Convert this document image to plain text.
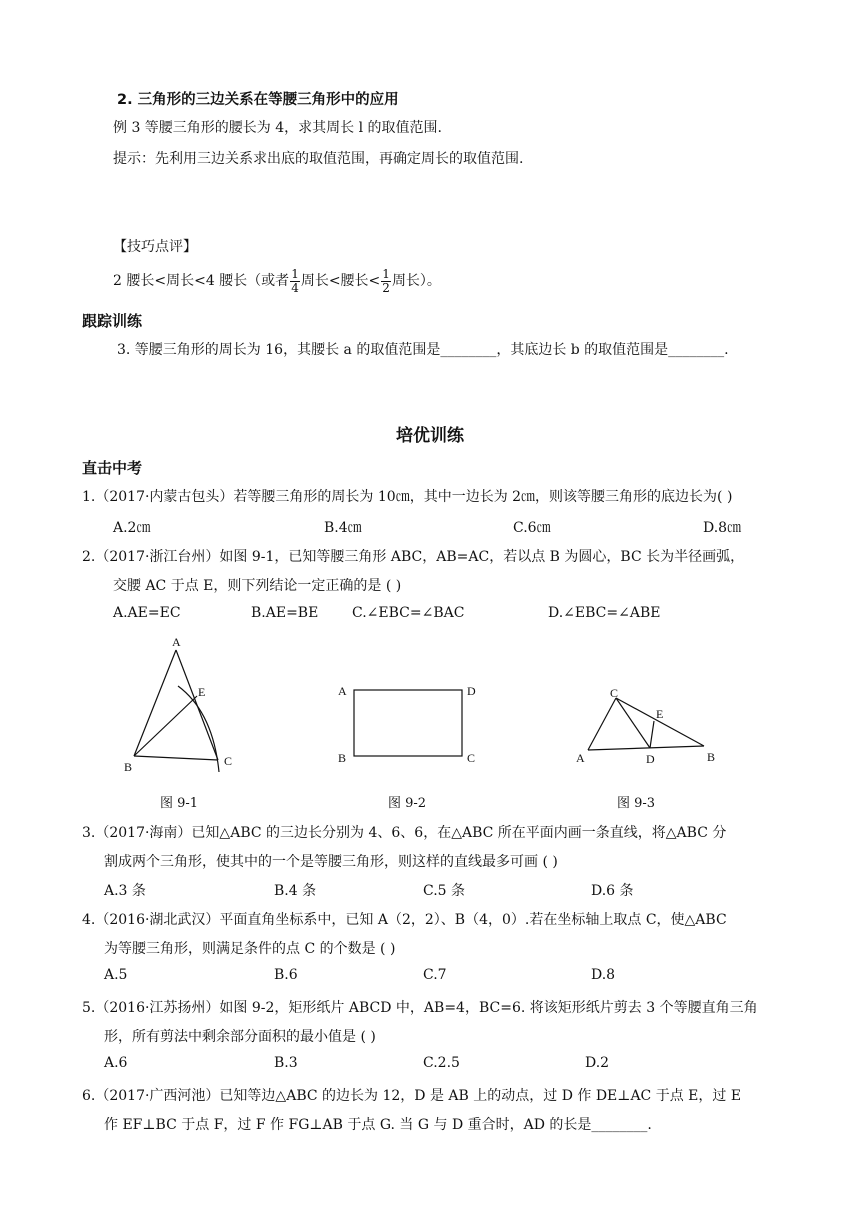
2. 三角形的三边关系在等腰三角形中的应用
例 3 等腰三角形的腰长为 4，求其周长 l 的取值范围.
提示：先利用三边关系求出底的取值范围，再确定周长的取值范围.
【技巧点评】
2 腰长<周长<4 腰长（或者 $\frac{1}{4}$ 周长<腰长< $\frac{1}{2}$ 周长）。
跟踪训练
3. 等腰三角形的周长为 16，其腰长 a 的取值范围是________，其底边长 b 的取值范围是________.
培优训练
直击中考
1.（2017·内蒙古包头）若等腰三角形的周长为 10㎝，其中一边长为 2㎝，则该等腰三角形的底边长为( )
A.2㎝	B.4㎝	C.6㎝	D.8㎝
2.（2017·浙江台州）如图 9-1，已知等腰三角形 ABC，AB=AC，若以点 B 为圆心，BC 长为半径画弧，
交腰 AC 于点 E，则下列结论一定正确的是 ( )
A.AE=EC	B.AE=BE C.∠EBC=∠BAC	D.∠EBC=∠ABE
A
E
B	C
图 9-1
A	D
B	C
图 9-2
C
E
A	D	B
图 9-3
3.（2017·海南）已知△ABC 的三边长分别为 4、6、6，在△ABC 所在平面内画一条直线，将△ABC 分
割成两个三角形，使其中的一个是等腰三角形，则这样的直线最多可画 ( )
A.3 条	B.4 条	C.5 条	D.6 条
4.（2016·湖北武汉）平面直角坐标系中，已知 A（2，2）、B（4，0）.若在坐标轴上取点 C，使△ABC
为等腰三角形，则满足条件的点 C 的个数是 ( )
A.5	B.6	C.7	D.8
5.（2016·江苏扬州）如图 9-2，矩形纸片 ABCD 中，AB=4，BC=6. 将该矩形纸片剪去 3 个等腰直角三角
形，所有剪法中剩余部分面积的最小值是 ( )
A.6	B.3	C.2.5	D.2
6.（2017·广西河池）已知等边△ABC 的边长为 12，D 是 AB 上的动点，过 D 作 DE⊥AC 于点 E，过 E
作 EF⊥BC 于点 F，过 F 作 FG⊥AB 于点 G. 当 G 与 D 重合时，AD 的长是________.
